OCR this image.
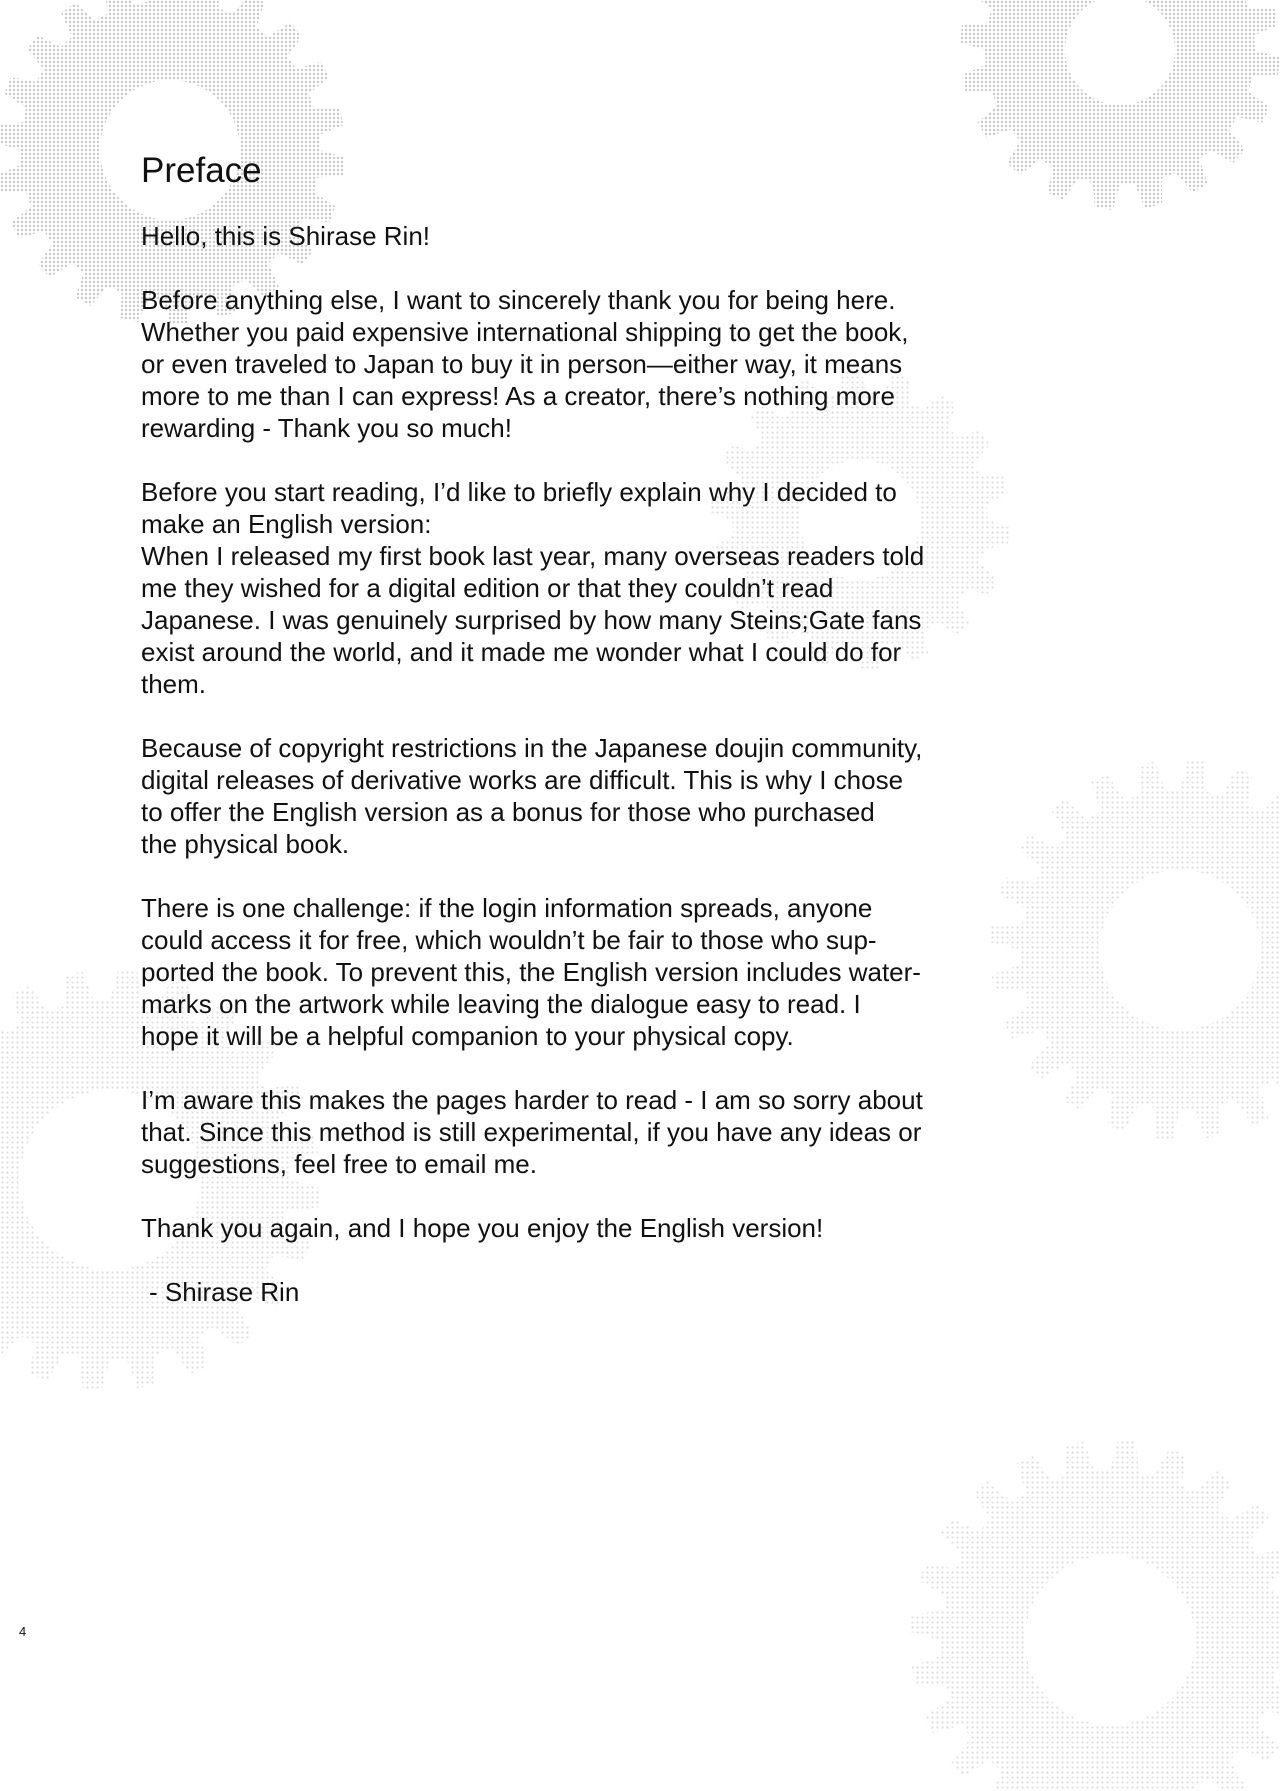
Preface

Hello, this is Shirase Rin!

Before anything else, I want to sincerely thank you for being here.
Whether you paid expensive international shipping to get the book,
or even traveled to Japan to buy it in person—either way, it means
more to me than I can express! As a creator, there’s nothing more
rewarding - Thank you so much!

Before you start reading, I’d like to briefly explain why I decided to
make an English version:
When I released my first book last year, many overseas readers told
me they wished for a digital edition or that they couldn’t read
Japanese. I was genuinely surprised by how many Steins;Gate fans
exist around the world, and it made me wonder what I could do for
them.

Because of copyright restrictions in the Japanese doujin community,
digital releases of derivative works are difficult. This is why I chose
to offer the English version as a bonus for those who purchased
the physical book.

There is one challenge: if the login information spreads, anyone
could access it for free, which wouldn’t be fair to those who sup-
ported the book. To prevent this, the English version includes water-
marks on the artwork while leaving the dialogue easy to read. I
hope it will be a helpful companion to your physical copy.

I’m aware this makes the pages harder to read - I am so sorry about
that. Since this method is still experimental, if you have any ideas or
suggestions, feel free to email me.

Thank you again, and I hope you enjoy the English version!

- Shirase Rin

4
